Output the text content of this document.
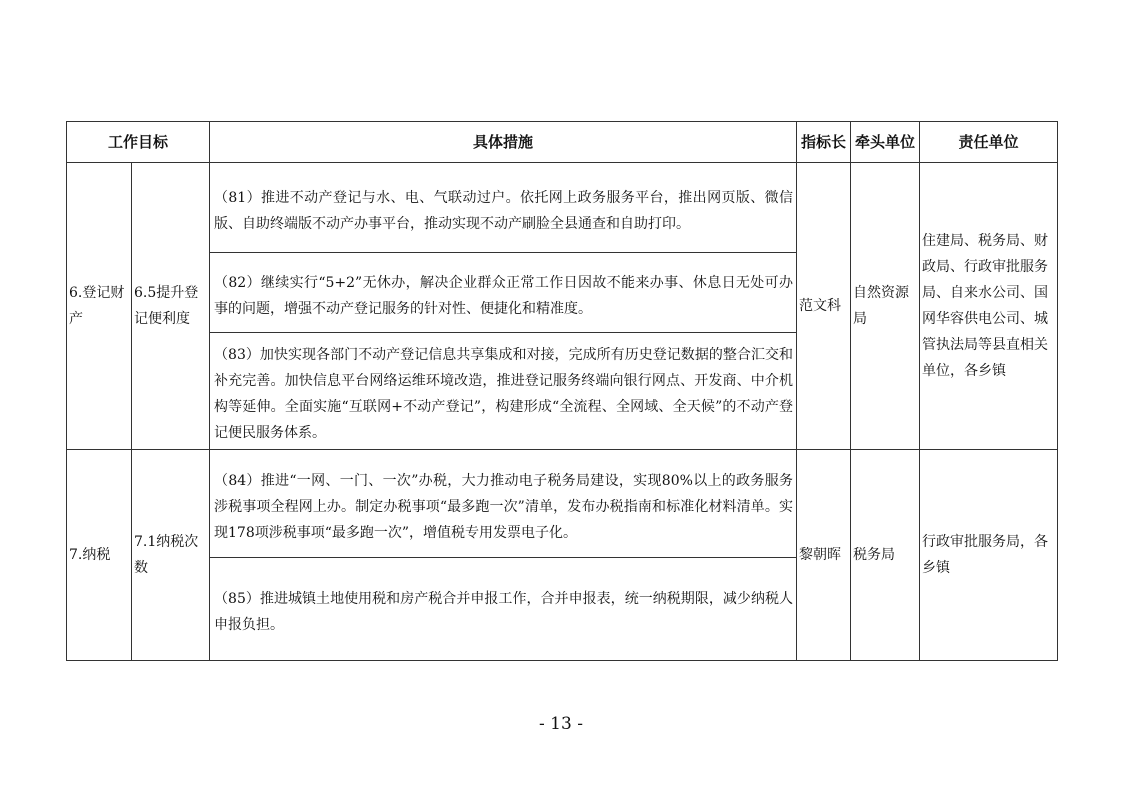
工作目标		具体措施	指标长	牵头单位	责任单位
6.登记财产	6.5提升登记便利度	（81）推进不动产登记与水、电、气联动过户。依托网上政务服务平台，推出网页版、微信版、自助终端版不动产办事平台，推动实现不动产刷脸全县通查和自助打印。	范文科	自然资源局	住建局、税务局、财政局、行政审批服务局、自来水公司、国网华容供电公司、城管执法局等县直相关单位，各乡镇

		（82）继续实行“5+2”无休办，解决企业群众正常工作日因故不能来办事、休息日无处可办事的问题，增强不动产登记服务的针对性、便捷化和精准度。			

		（83）加快实现各部门不动产登记信息共享集成和对接，完成所有历史登记数据的整合汇交和补充完善。加快信息平台网络运维环境改造，推进登记服务终端向银行网点、开发商、中介机构等延伸。全面实施“互联网+不动产登记”，构建形成“全流程、全网域、全天候”的不动产登记便民服务体系。			

7.纳税	7.1纳税次数	（84）推进“一网、一门、一次”办税，大力推动电子税务局建设，实现80%以上的政务服务涉税事项全程网上办。制定办税事项“最多跑一次”清单，发布办税指南和标准化材料清单。实现178项涉税事项“最多跑一次”，增值税专用发票电子化。	黎朝晖	税务局	行政审批服务局，各乡镇

		（85）推进城镇土地使用税和房产税合并申报工作，合并申报表，统一纳税期限，减少纳税人申报负担。			
- 13 -
